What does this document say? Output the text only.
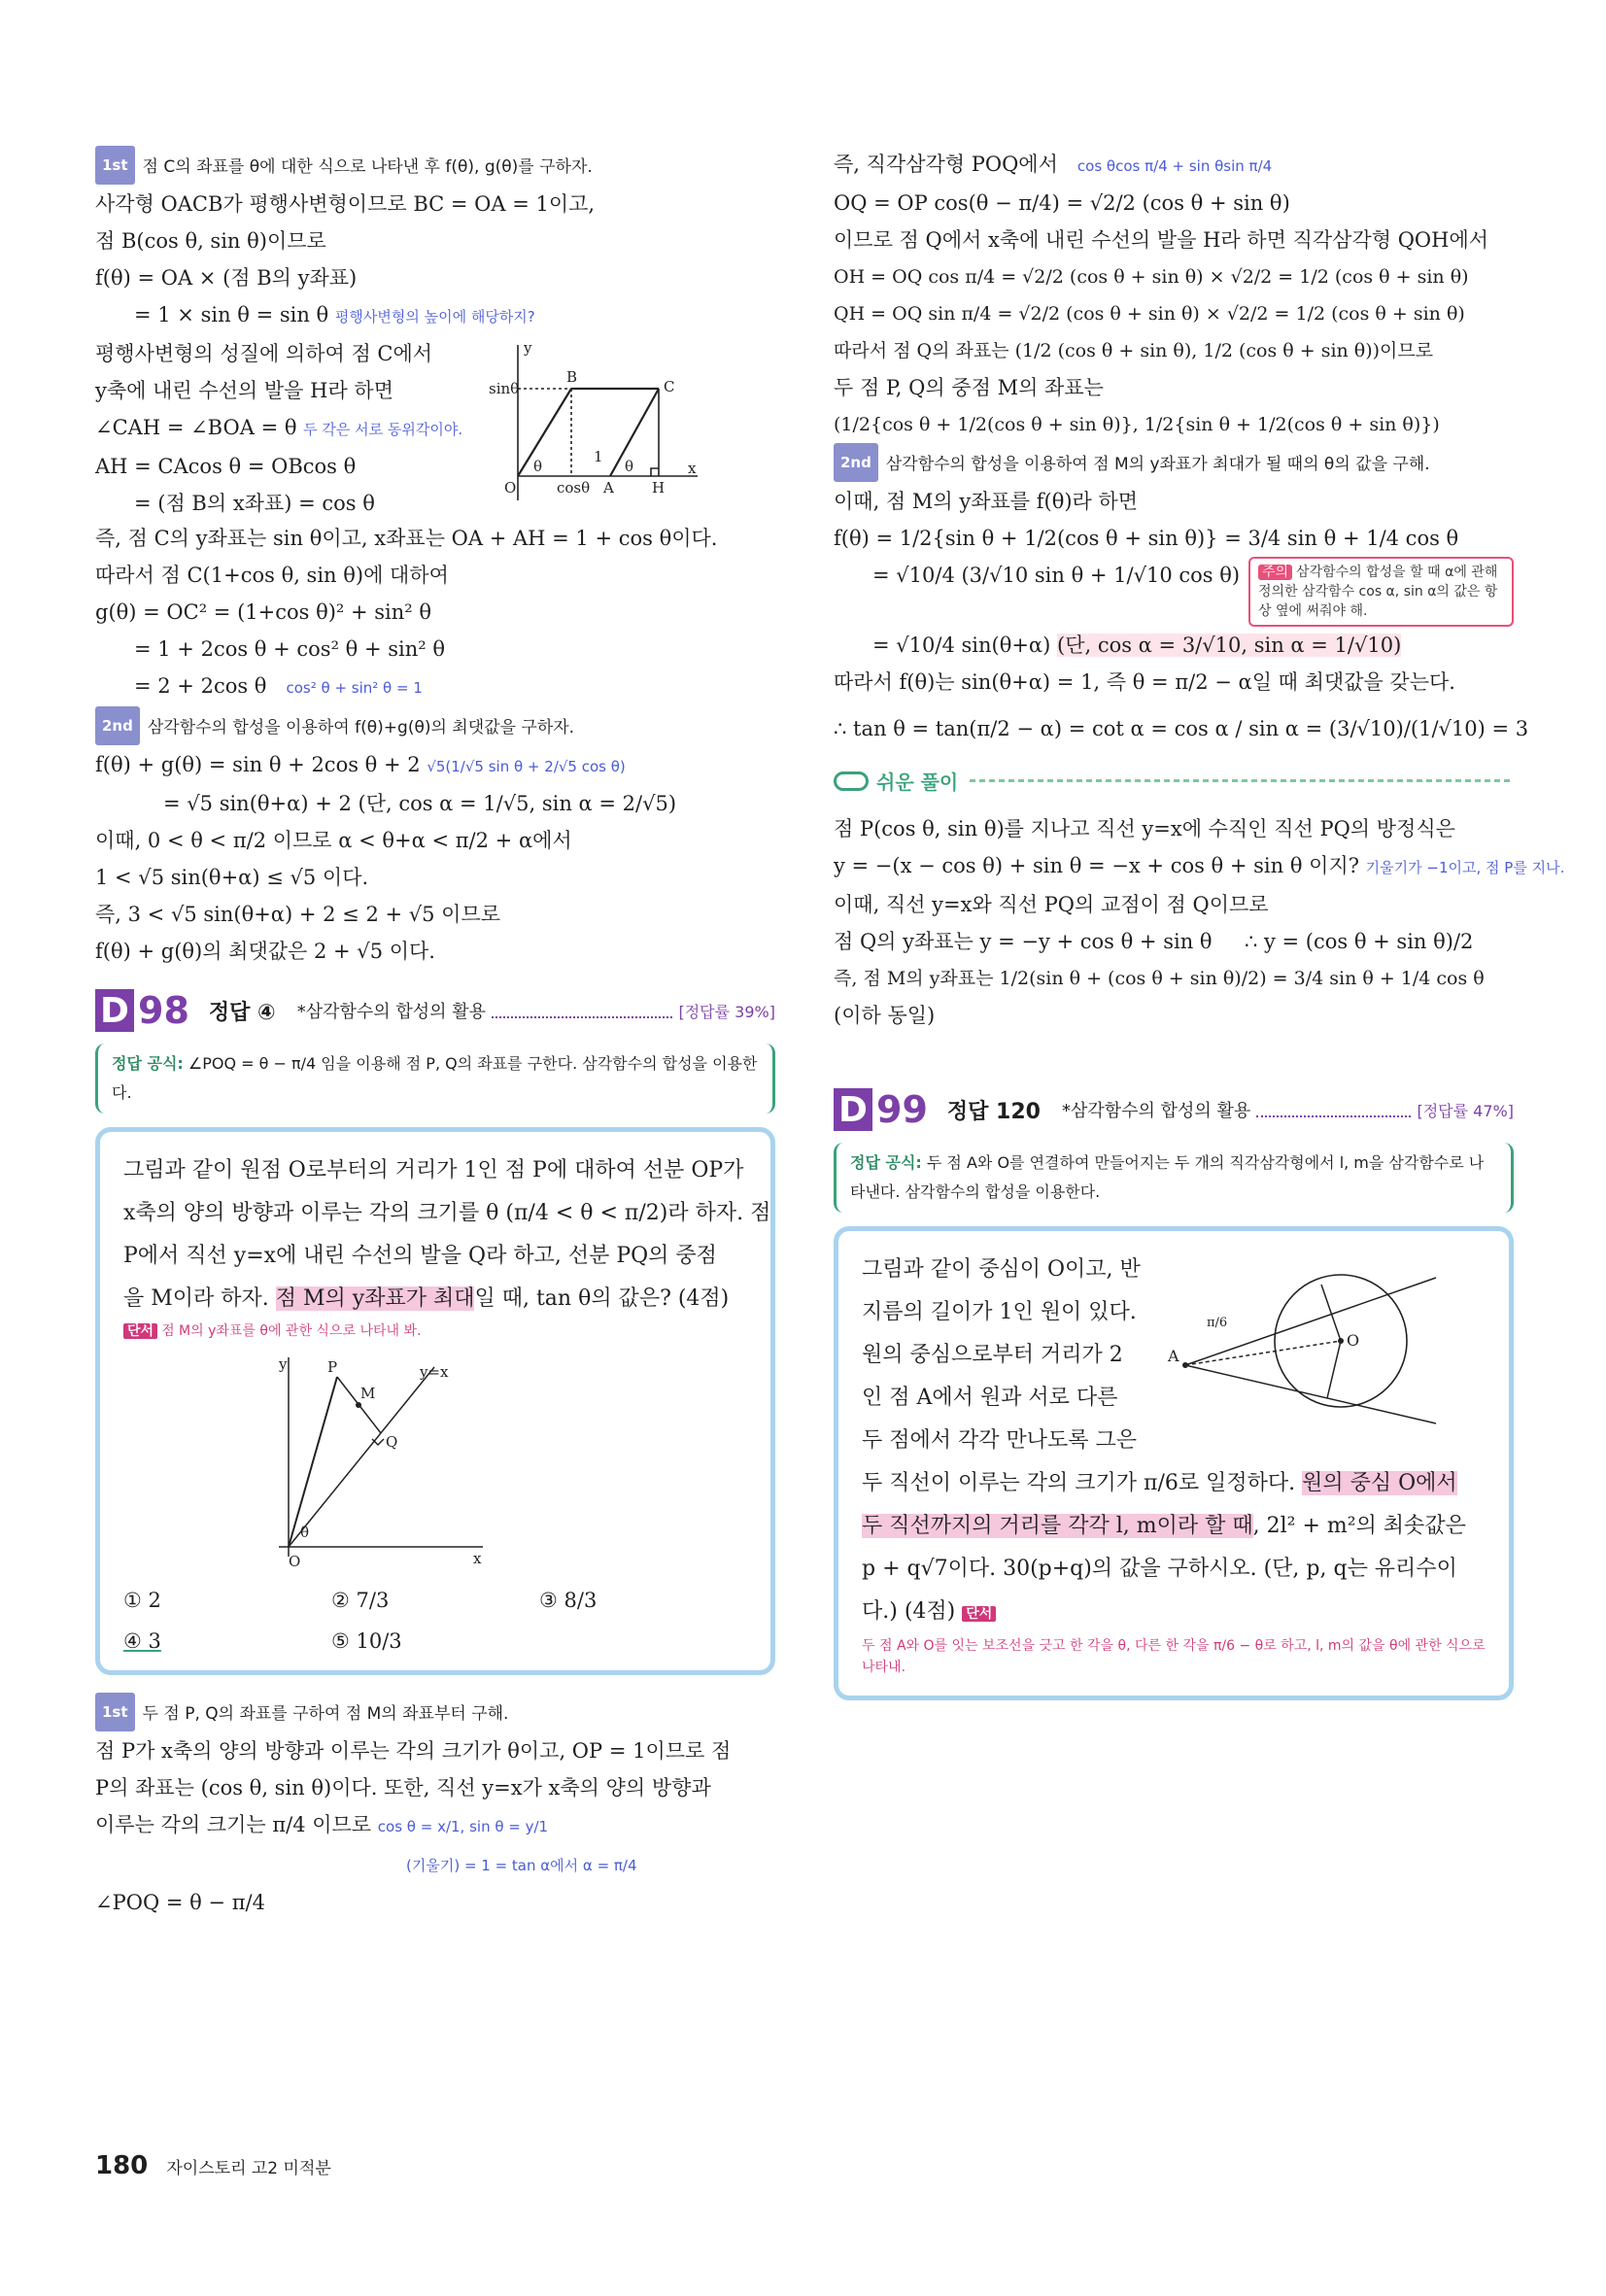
1st 점 C의 좌표를 θ에 대한 식으로 나타낸 후 f(θ), g(θ)를 구하자.

사각형 OACB가 평행사변형이므로 BC = OA = 1이고,

점 B(cos θ, sin θ)이므로

f(θ) = OA × (점 B의 y좌표)

= 1 × sin θ = sin θ 평행사변형의 높이에 해당하지?

평행사변형의 성질에 의하여 점 C에서

y축에 내린 수선의 발을 H라 하면

∠CAH = ∠BOA = θ 두 각은 서로 동위각이야.

AH = CAcos θ = OBcos θ

= (점 B의 x좌표) = cos θ

y
x
sinθ
B
C
O	cosθ A	H
θ	θ
1

즉, 점 C의 y좌표는 sin θ이고, x좌표는 OA + AH = 1 + cos θ이다.

따라서 점 C(1+cos θ, sin θ)에 대하여

g(θ) = OC² = (1+cos θ)² + sin² θ

= 1 + 2cos θ + cos² θ + sin² θ

= 2 + 2cos θ cos² θ + sin² θ = 1

2nd 삼각함수의 합성을 이용하여 f(θ)+g(θ)의 최댓값을 구하자.

f(θ) + g(θ) = sin θ + 2cos θ + 2 √5(1/√5 sin θ + 2/√5 cos θ)

= √5 sin(θ+α) + 2 (단, cos α = 1/√5, sin α = 2/√5)

이때, 0 < θ < π/2 이므로 α < θ+α < π/2 + α에서

1 < √5 sin(θ+α) ≤ √5 이다.

즉, 3 < √5 sin(θ+α) + 2 ≤ 2 + √5 이므로

f(θ) + g(θ)의 최댓값은 2 + √5 이다.

D 98 정답 ④ *삼각함수의 합성의 활용	[정답률 39%]
정답 공식: ∠POQ = θ − π/4 임을 이용해 점 P, Q의 좌표를 구한다. 삼각함수의 합성을 이용한다.

그림과 같이 원점 O로부터의 거리가 1인 점 P에 대하여 선분 OP가

x축의 양의 방향과 이루는 각의 크기를 θ (π/4 < θ < π/2)라 하자. 점

P에서 직선 y=x에 내린 수선의 발을 Q라 하고, 선분 PQ의 중점

을 M이라 하자. 점 M의 y좌표가 최대일 때, tan θ의 값은? (4점)

단서 점 M의 y좌표를 θ에 관한 식으로 나타내 봐.
y
x
y=x
P
M
Q
O
θ
① 2	② 7/3	③ 8/3
④ 3	⑤ 10/3

1st 두 점 P, Q의 좌표를 구하여 점 M의 좌표부터 구해.

점 P가 x축의 양의 방향과 이루는 각의 크기가 θ이고, OP = 1이므로 점

P의 좌표는 (cos θ, sin θ)이다. 또한, 직선 y=x가 x축의 양의 방향과

이루는 각의 크기는 π/4 이므로 cos θ = x/1, sin θ = y/1

(기울기) = 1 = tan α에서 α = π/4

∠POQ = θ − π/4

즉, 직각삼각형 POQ에서 cos θcos π/4 + sin θsin π/4

OQ = OP cos(θ − π/4) = √2/2 (cos θ + sin θ)

이므로 점 Q에서 x축에 내린 수선의 발을 H라 하면 직각삼각형 QOH에서

OH = OQ cos π/4 = √2/2 (cos θ + sin θ) × √2/2 = 1/2 (cos θ + sin θ)

QH = OQ sin π/4 = √2/2 (cos θ + sin θ) × √2/2 = 1/2 (cos θ + sin θ)

따라서 점 Q의 좌표는 (1/2 (cos θ + sin θ), 1/2 (cos θ + sin θ))이므로

두 점 P, Q의 중점 M의 좌표는

(1/2{cos θ + 1/2(cos θ + sin θ)}, 1/2{sin θ + 1/2(cos θ + sin θ)})

2nd 삼각함수의 합성을 이용하여 점 M의 y좌표가 최대가 될 때의 θ의 값을 구해.

이때, 점 M의 y좌표를 f(θ)라 하면

f(θ) = 1/2{sin θ + 1/2(cos θ + sin θ)} = 3/4 sin θ + 1/4 cos θ

= √10/4 (3/√10 sin θ + 1/√10 cos θ)	주의 삼각함수의 합성을 할 때 α에 관해 정의한 삼각함수 cos α, sin α의 값은 항상 옆에 써줘야 해.

= √10/4 sin(θ+α) (단, cos α = 3/√10, sin α = 1/√10)

따라서 f(θ)는 sin(θ+α) = 1, 즉 θ = π/2 − α일 때 최댓값을 갖는다.

∴ tan θ = tan(π/2 − α) = cot α = cos α / sin α = (3/√10)/(1/√10) = 3

쉬운 풀이

점 P(cos θ, sin θ)를 지나고 직선 y=x에 수직인 직선 PQ의 방정식은

y = −(x − cos θ) + sin θ = −x + cos θ + sin θ 이지? 기울기가 −1이고, 점 P를 지나.

이때, 직선 y=x와 직선 PQ의 교점이 점 Q이므로

점 Q의 y좌표는 y = −y + cos θ + sin θ ∴ y = (cos θ + sin θ)/2

즉, 점 M의 y좌표는 1/2(sin θ + (cos θ + sin θ)/2) = 3/4 sin θ + 1/4 cos θ

(이하 동일)

D 99 정답 120 *삼각함수의 합성의 활용	[정답률 47%]
정답 공식: 두 점 A와 O를 연결하여 만들어지는 두 개의 직각삼각형에서 l, m을 삼각함수로 나타낸다. 삼각함수의 합성을 이용한다.

그림과 같이 중심이 O이고, 반

지름의 길이가 1인 원이 있다.

원의 중심으로부터 거리가 2

인 점 A에서 원과 서로 다른

두 점에서 각각 만나도록 그은

A
O
π/6

두 직선이 이루는 각의 크기가 π/6로 일정하다. 원의 중심 O에서

두 직선까지의 거리를 각각 l, m이라 할 때, 2l² + m²의 최솟값은

p + q√7이다. 30(p+q)의 값을 구하시오. (단, p, q는 유리수이

다.) (4점) 단서

두 점 A와 O를 잇는 보조선을 긋고 한 각을 θ, 다른 한 각을 π/6 − θ로 하고, l, m의 값을 θ에 관한 식으로 나타내.
180 자이스토리 고2 미적분
